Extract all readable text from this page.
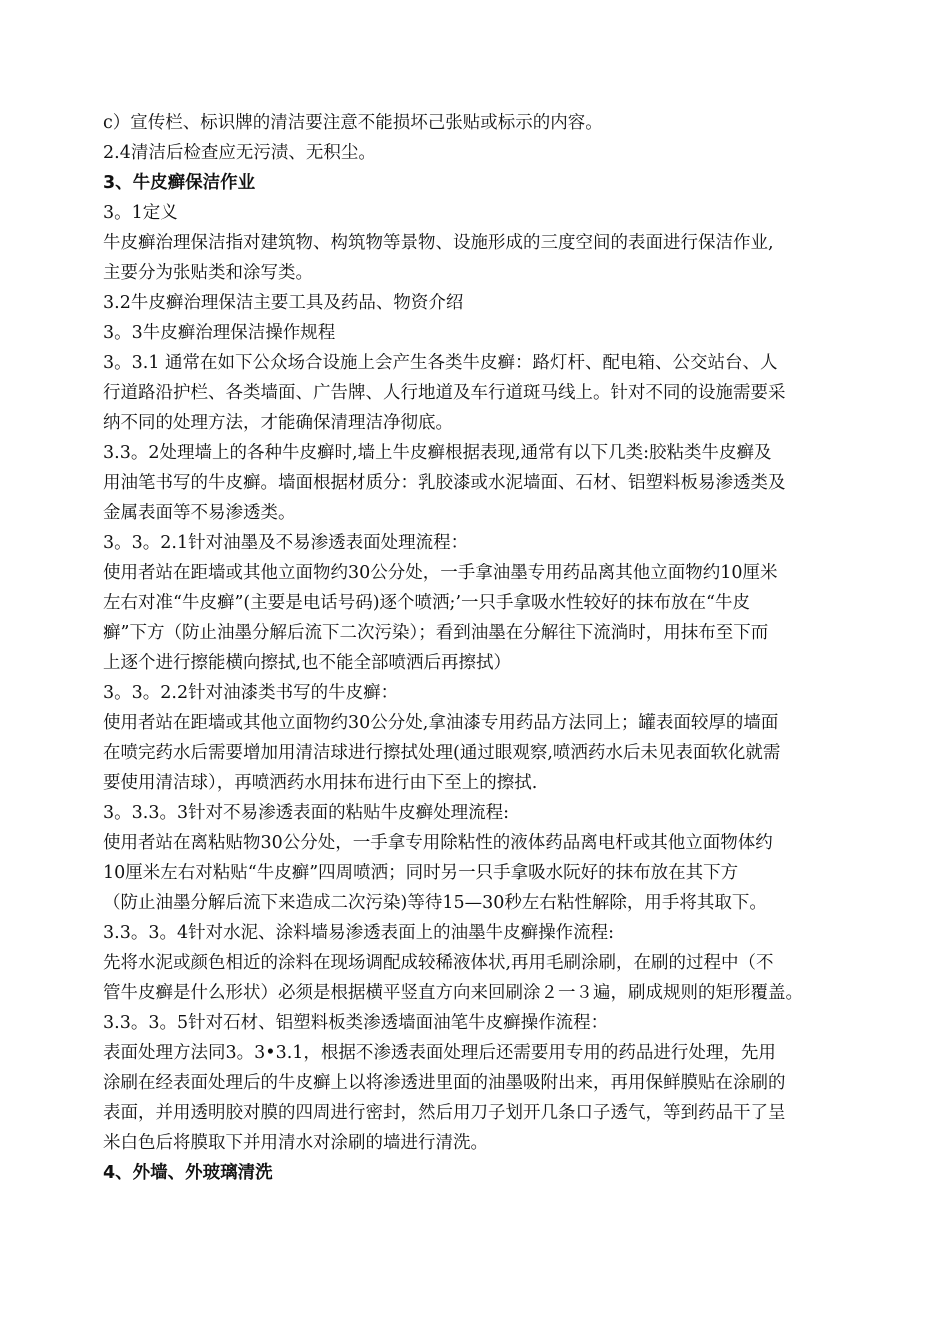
c）宣传栏、标识牌的清洁要注意不能损坏己张贴或标示的内容。
2.4清洁后检查应无污渍、无积尘。
3、牛皮癣保洁作业
3。1定义
牛皮癣治理保洁指对建筑物、构筑物等景物、设施形成的三度空间的表面进行保洁作业,
主要分为张贴类和涂写类。
3.2牛皮癣治理保洁主要工具及药品、物资介绍
3。3牛皮癣治理保洁操作规程
3。3.1 通常在如下公众场合设施上会产生各类牛皮癣：路灯杆、配电箱、公交站台、人
行道路沿护栏、各类墙面、广告牌、人行地道及车行道斑马线上。针对不同的设施需要采
纳不同的处理方法，才能确保清理洁净彻底。
3.3。2处理墙上的各种牛皮癣时,墙上牛皮癣根据表现,通常有以下几类:胶粘类牛皮癣及
用油笔书写的牛皮癣。墙面根据材质分：乳胶漆或水泥墙面、石材、铝塑料板易渗透类及
金属表面等不易渗透类。
3。3。2.1针对油墨及不易渗透表面处理流程：
使用者站在距墙或其他立面物约30公分处，一手拿油墨专用药品离其他立面物约10厘米
左右对准“牛皮癣”(主要是电话号码)逐个喷洒;’一只手拿吸水性较好的抹布放在“牛皮
癣”下方（防止油墨分解后流下二次污染）；看到油墨在分解往下流淌时，用抹布至下而
上逐个进行擦能横向擦拭,也不能全部喷洒后再擦拭）
3。3。2.2针对油漆类书写的牛皮癣：
使用者站在距墙或其他立面物约30公分处,拿油漆专用药品方法同上；罐表面较厚的墙面
在喷完药水后需要增加用清洁球进行擦拭处理(通过眼观察,喷洒药水后未见表面软化就需
要使用清洁球），再喷洒药水用抹布进行由下至上的擦拭.
3。3.3。3针对不易渗透表面的粘贴牛皮癣处理流程:
使用者站在离粘贴物30公分处，一手拿专用除粘性的液体药品离电杆或其他立面物体约
10厘米左右对粘贴“牛皮癣”四周喷洒；同时另一只手拿吸水阮好的抹布放在其下方
（防止油墨分解后流下来造成二次污染)等待15—30秒左右粘性解除，用手将其取下。
3.3。3。4针对水泥、涂料墙易渗透表面上的油墨牛皮癣操作流程:
先将水泥或颜色相近的涂料在现场调配成较稀液体状,再用毛刷涂刷，在刷的过程中（不
管牛皮癣是什么形状）必须是根据横平竖直方向来回刷涂２一３遍，刷成规则的矩形覆盖。
3.3。3。5针对石材、铝塑料板类渗透墙面油笔牛皮癣操作流程：
表面处理方法同3。3•3.1，根据不渗透表面处理后还需要用专用的药品进行处理，先用
涂刷在经表面处理后的牛皮癣上以将渗透进里面的油墨吸附出来，再用保鲜膜贴在涂刷的
表面，并用透明胶对膜的四周进行密封，然后用刀子划开几条口子透气，等到药品干了呈
米白色后将膜取下并用清水对涂刷的墙进行清洗。
4、外墙、外玻璃清洗
